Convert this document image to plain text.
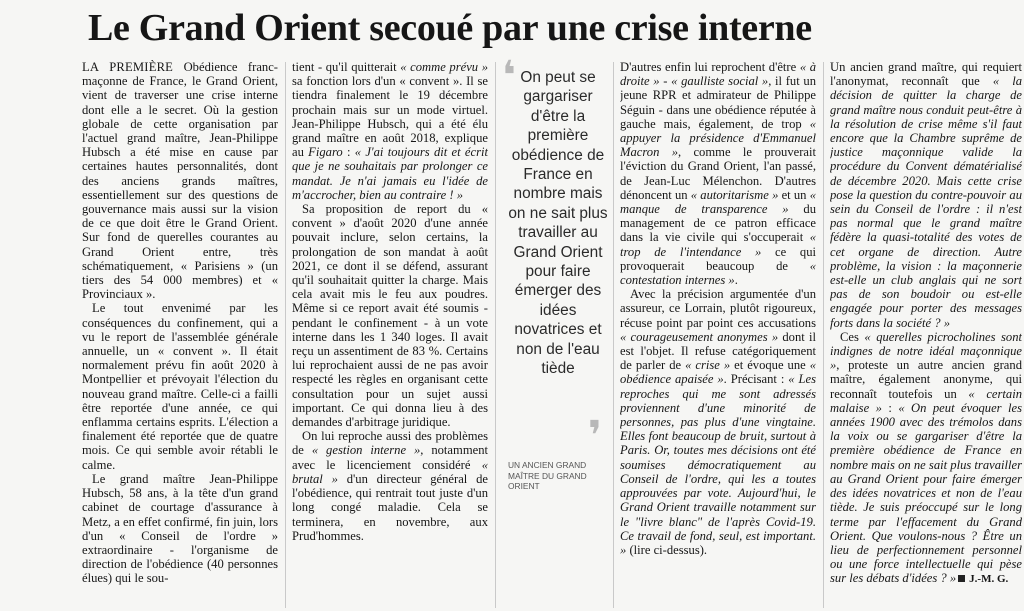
Le Grand Orient secoué par une crise interne

LA PREMIÈRE Obédience franc-maçonne de France, le Grand Orient, vient de traverser une crise interne dont elle a le secret. Où la gestion globale de cette organisation par l'actuel grand maître, Jean-Philippe Hubsch a été mise en cause par certaines hautes personnalités, dont des anciens grands maîtres, essentiellement sur des questions de gouvernance mais aussi sur la vision de ce que doit être le Grand Orient. Sur fond de querelles courantes au Grand Orient entre, très schématiquement, « Parisiens » (un tiers des 54 000 membres) et « Provinciaux ».

Le tout envenimé par les conséquences du confinement, qui a vu le report de l'assemblée générale annuelle, un « convent ». Il était normalement prévu fin août 2020 à Montpellier et prévoyait l'élection du nouveau grand maître. Celle-ci a failli être reportée d'une année, ce qui enflamma certains esprits. L'élection a finalement été reportée que de quatre mois. Ce qui semble avoir rétabli le calme.

Le grand maître Jean-Philippe Hubsch, 58 ans, à la tête d'un grand cabinet de courtage d'assurance à Metz, a en effet confirmé, fin juin, lors d'un « Conseil de l'ordre » extraordinaire - l'organisme de direction de l'obédience (40 personnes élues) qui le sou-

tient - qu'il quitterait « comme prévu » sa fonction lors d'un « convent ». Il se tiendra finalement le 19 décembre prochain mais sur un mode virtuel. Jean-Philippe Hubsch, qui a été élu grand maître en août 2018, explique au Figaro : « J'ai toujours dit et écrit que je ne souhaitais par prolonger ce mandat. Je n'ai jamais eu l'idée de m'accrocher, bien au contraire ! »

Sa proposition de report du « convent » d'août 2020 d'une année pouvait inclure, selon certains, la prolongation de son mandat à août 2021, ce dont il se défend, assurant qu'il souhaitait quitter la charge. Mais cela avait mis le feu aux poudres. Même si ce report avait été soumis - pendant le confinement - à un vote interne dans les 1 340 loges. Il avait reçu un assentiment de 83 %. Certains lui reprochaient aussi de ne pas avoir respecté les règles en organisant cette consultation pour un sujet aussi important. Ce qui donna lieu à des demandes d'arbitrage juridique.

On lui reproche aussi des problèmes de « gestion interne », notamment avec le licenciement considéré « brutal » d'un directeur général de l'obédience, qui rentrait tout juste d'un long congé maladie. Cela se terminera, en novembre, aux Prud'hommes.

❛ On peut se gargariser d'être la première obédience de France en nombre mais on ne sait plus travailler au Grand Orient pour faire émerger des idées novatrices et non de l'eau tiède
❜
UN ANCIEN GRAND MAÎTRE DU GRAND ORIENT

D'autres enfin lui reprochent d'être « à droite » - « gaulliste social », il fut un jeune RPR et admirateur de Philippe Séguin - dans une obédience réputée à gauche mais, également, de trop « appuyer la présidence d'Emmanuel Macron », comme le prouverait l'éviction du Grand Orient, l'an passé, de Jean-Luc Mélenchon. D'autres dénoncent un « autoritarisme » et un « manque de transparence » du management de ce patron efficace dans la vie civile qui s'occuperait « trop de l'intendance » ce qui provoquerait beaucoup de « contestation internes ».

Avec la précision argumentée d'un assureur, ce Lorrain, plutôt rigoureux, récuse point par point ces accusations « courageusement anonymes » dont il est l'objet. Il refuse catégoriquement de parler de « crise » et évoque une « obédience apaisée ». Précisant : « Les reproches qui me sont adressés proviennent d'une minorité de personnes, pas plus d'une vingtaine. Elles font beaucoup de bruit, surtout à Paris. Or, toutes mes décisions ont été soumises démocratiquement au Conseil de l'ordre, qui les a toutes approuvées par vote. Aujourd'hui, le Grand Orient travaille notamment sur le "livre blanc" de l'après Covid-19. Ce travail de fond, seul, est important. » (lire ci-dessus).

Un ancien grand maître, qui requiert l'anonymat, reconnaît que « la décision de quitter la charge de grand maître nous conduit peut-être à la résolution de crise même s'il faut encore que la Chambre suprême de justice maçonnique valide la procédure du Convent dématérialisé de décembre 2020. Mais cette crise pose la question du contre-pouvoir au sein du Conseil de l'ordre : il n'est pas normal que le grand maître fédère la quasi-totalité des votes de cet organe de direction. Autre problème, la vision : la maçonnerie est-elle un club anglais qui ne sort pas de son boudoir ou est-elle engagée pour porter des messages forts dans la société ? »

Ces « querelles picrocholines sont indignes de notre idéal maçonnique », proteste un autre ancien grand maître, également anonyme, qui reconnaît toutefois un « certain malaise » : « On peut évoquer les années 1900 avec des trémolos dans la voix ou se gargariser d'être la première obédience de France en nombre mais on ne sait plus travailler au Grand Orient pour faire émerger des idées novatrices et non de l'eau tiède. Je suis préoccupé sur le long terme par l'effacement du Grand Orient. Que voulons-nous ? Être un lieu de perfectionnement personnel ou une force intellectuelle qui pèse sur les débats d'idées ? » J.-M. G.
